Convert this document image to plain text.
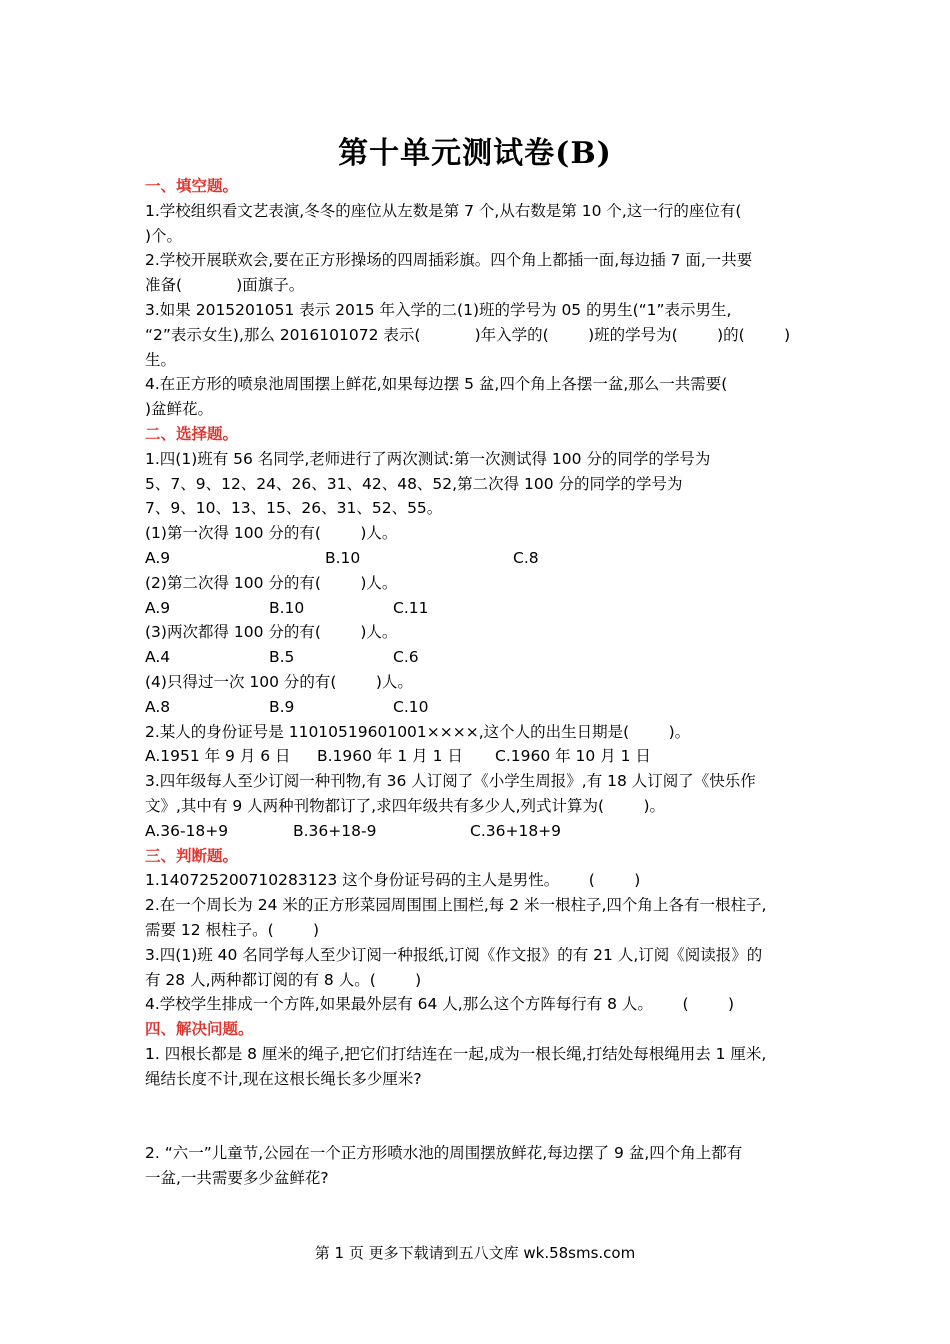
第十单元测试卷(B)
一、填空题。
1.学校组织看文艺表演,冬冬的座位从左数是第 7 个,从右数是第 10 个,这一行的座位有(
)个。
2.学校开展联欢会,要在正方形操场的四周插彩旗。四个角上都插一面,每边插 7 面,一共要
准备(           )面旗子。
3.如果 2015201051 表示 2015 年入学的二(1)班的学号为 05 的男生(“1”表示男生,
“2”表示女生),那么 2016101072 表示(           )年入学的(        )班的学号为(        )的(        )
生。
4.在正方形的喷泉池周围摆上鲜花,如果每边摆 5 盆,四个角上各摆一盆,那么一共需要(
)盆鲜花。
二、选择题。
1.四(1)班有 56 名同学,老师进行了两次测试:第一次测试得 100 分的同学的学号为
5、7、9、12、24、26、31、42、48、52,第二次得 100 分的同学的学号为
7、9、10、13、15、26、31、52、55。
(1)第一次得 100 分的有(        )人。
A.9	B.10	C.8
(2)第二次得 100 分的有(        )人。
A.9	B.10	C.11
(3)两次都得 100 分的有(        )人。
A.4	B.5	C.6
(4)只得过一次 100 分的有(        )人。
A.8	B.9	C.10
2.某人的身份证号是 11010519601001××××,这个人的出生日期是(        )。
A.1951 年 9 月 6 日	B.1960 年 1 月 1 日	C.1960 年 10 月 1 日
3.四年级每人至少订阅一种刊物,有 36 人订阅了《小学生周报》,有 18 人订阅了《快乐作
文》,其中有 9 人两种刊物都订了,求四年级共有多少人,列式计算为(        )。
A.36-18+9	B.36+18-9	C.36+18+9
三、判断题。
1.140725200710283123 这个身份证号码的主人是男性。      (        )
2.在一个周长为 24 米的正方形菜园周围围上围栏,每 2 米一根柱子,四个角上各有一根柱子,
需要 12 根柱子。(        )
3.四(1)班 40 名同学每人至少订阅一种报纸,订阅《作文报》的有 21 人,订阅《阅读报》的
有 28 人,两种都订阅的有 8 人。(        )
4.学校学生排成一个方阵,如果最外层有 64 人,那么这个方阵每行有 8 人。      (        )
四、解决问题。
1. 四根长都是 8 厘米的绳子,把它们打结连在一起,成为一根长绳,打结处每根绳用去 1 厘米,
绳结长度不计,现在这根长绳长多少厘米?
2. “六一”儿童节,公园在一个正方形喷水池的周围摆放鲜花,每边摆了 9 盆,四个角上都有
一盆,一共需要多少盆鲜花?
第 1 页 更多下载请到五八文库 wk.58sms.com
